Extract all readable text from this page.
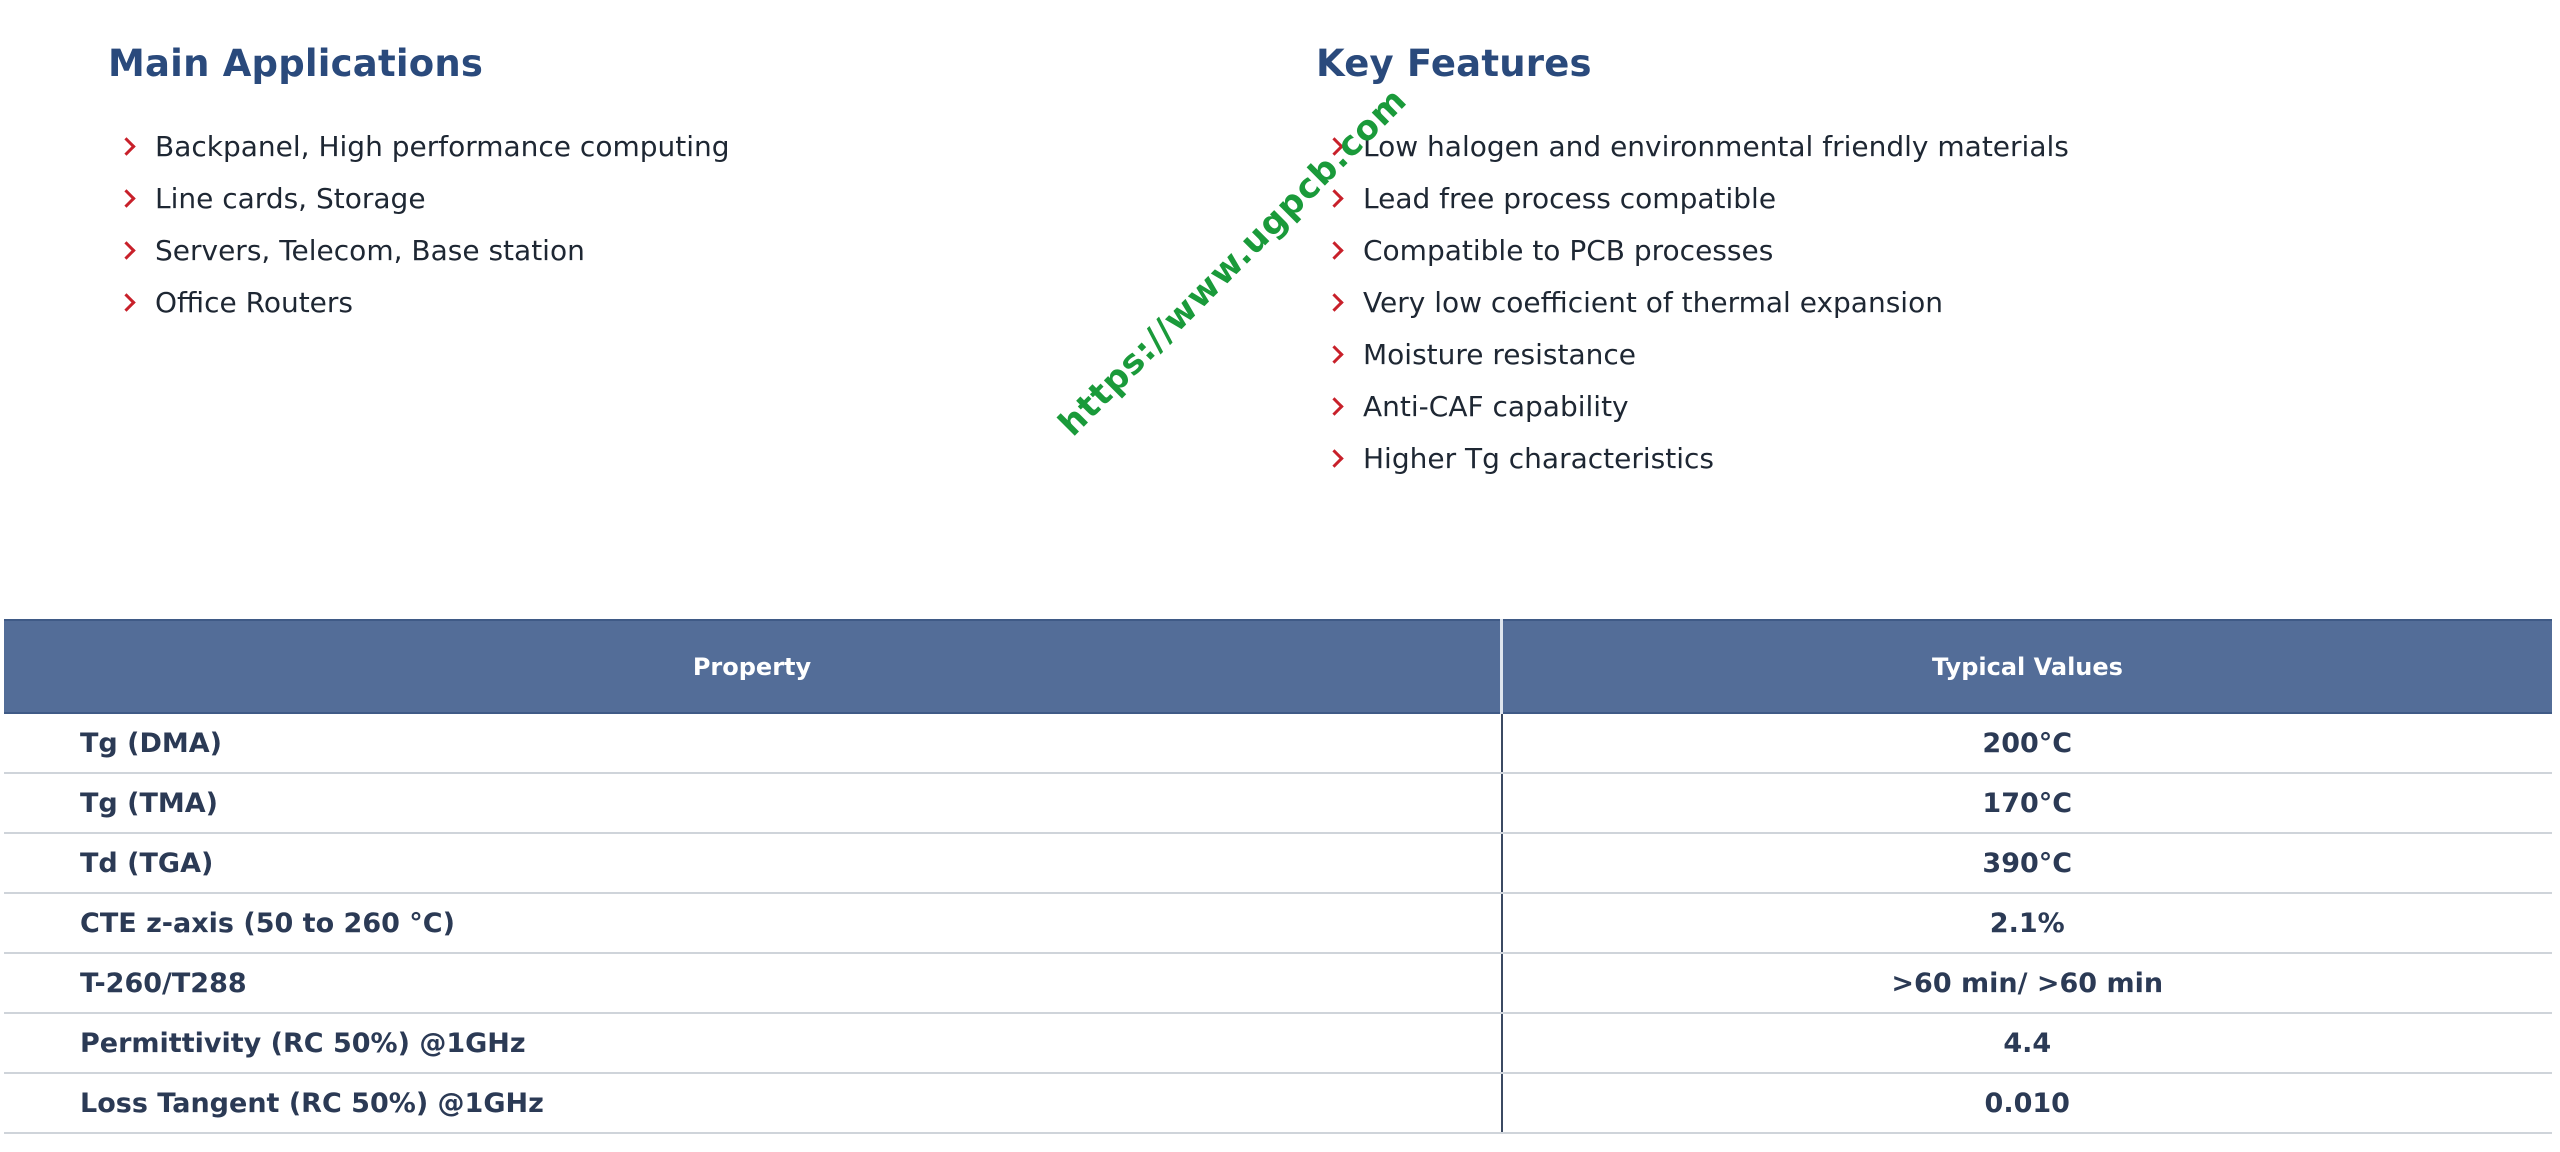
Main Applications
Backpanel, High performance computing
Line cards, Storage
Servers, Telecom, Base station
Office Routers
Key Features
Low halogen and environmental friendly materials
Lead free process compatible
Compatible to PCB processes
Very low coefficient of thermal expansion
Moisture resistance
Anti-CAF capability
Higher Tg characteristics
https://www.ugpcb.com
Property	Typical Values
Tg (DMA)	200°C
Tg (TMA)	170°C
Td (TGA)	390°C
CTE z-axis (50 to 260 °C)	2.1%
T-260/T288	>60 min/ >60 min
Permittivity (RC 50%) @1GHz	4.4
Loss Tangent (RC 50%) @1GHz	0.010
